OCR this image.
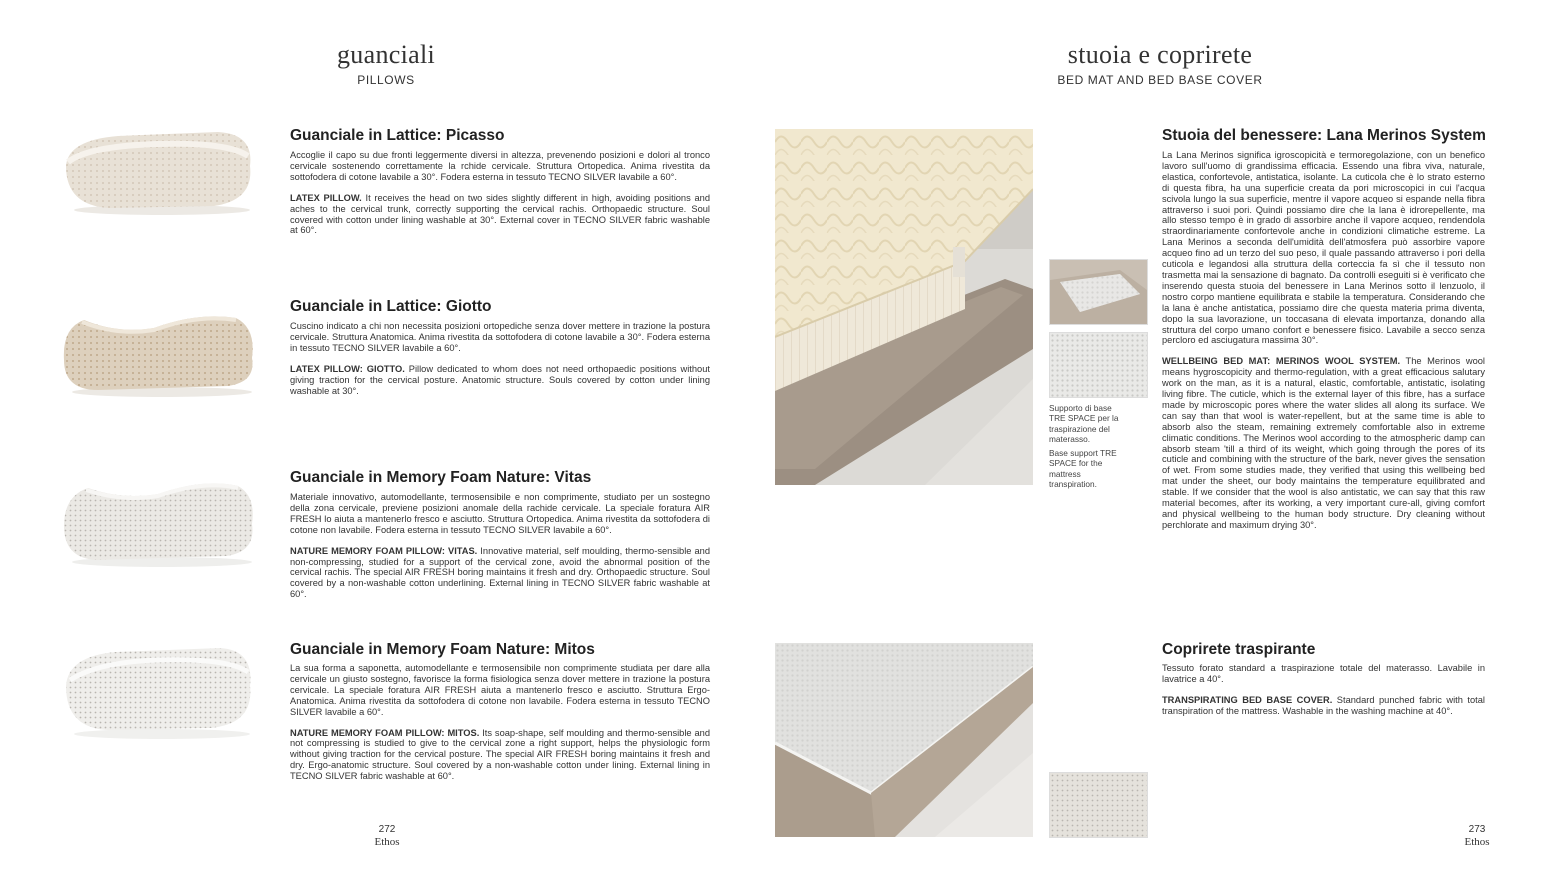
guanciali
PILLOWS
Guanciale in Lattice: Picasso

Accoglie il capo su due fronti leggermente diversi in altezza, prevenendo posizioni e dolori al tronco cervicale sostenendo correttamente la rchide cervicale. Struttura Ortopedica. Anima rivestita da sottofodera di cotone lavabile a 30°. Fodera esterna in tessuto TECNO SILVER lavabile a 60°.

LATEX PILLOW. It receives the head on two sides slightly different in high, avoiding positions and aches to the cervical trunk, correctly supporting the cervical rachis. Orthopaedic structure. Soul covered with cotton under lining washable at 30°. External cover in TECNO SILVER fabric washable at 60°.

Guanciale in Lattice: Giotto

Cuscino indicato a chi non necessita posizioni ortopediche senza dover mettere in trazione la postura cervicale. Struttura Anatomica. Anima rivestita da sottofodera di cotone lavabile a 30°. Fodera esterna in tessuto TECNO SILVER lavabile a 60°.

LATEX PILLOW: GIOTTO. Pillow dedicated to whom does not need orthopaedic positions without giving traction for the cervical posture. Anatomic structure. Souls covered by cotton under lining washable at 30°.

Guanciale in Memory Foam Nature: Vitas

Materiale innovativo, automodellante, termosensibile e non comprimente, studiato per un sostegno della zona cervicale, previene posizioni anomale della rachide cervicale. La speciale foratura AIR FRESH lo aiuta a mantenerlo fresco e asciutto. Struttura Ortopedica. Anima rivestita da sottofodera di cotone non lavabile. Fodera esterna in tessuto TECNO SILVER lavabile a 60°.

NATURE MEMORY FOAM PILLOW: VITAS. Innovative material, self moulding, thermo-sensible and non-compressing, studied for a support of the cervical zone, avoid the abnormal position of the cervical rachis. The special AIR FRESH boring maintains it fresh and dry. Orthopaedic structure. Soul covered by a non-washable cotton underlining. External lining in TECNO SILVER fabric washable at 60°.

Guanciale in Memory Foam Nature: Mitos

La sua forma a saponetta, automodellante e termosensibile non comprimente studiata per dare alla cervicale un giusto sostegno, favorisce la forma fisiologica senza dover mettere in trazione la postura cervicale. La speciale foratura AIR FRESH aiuta a mantenerlo fresco e asciutto. Struttura Ergo-Anatomica. Anima rivestita da sottofodera di cotone non lavabile. Fodera esterna in tessuto TECNO SILVER lavabile a 60°.

NATURE MEMORY FOAM PILLOW: MITOS. Its soap-shape, self moulding and thermo-sensible and not compressing is studied to give to the cervical zone a right support, helps the physiologic form without giving traction for the cervical posture. The special AIR FRESH boring maintains it fresh and dry. Ergo-anatomic structure. Soul covered by a non-washable cotton under lining. External lining in TECNO SILVER fabric washable at 60°.

272
Ethos
stuoia e coprirete
BED MAT AND BED BASE COVER

Supporto di base TRE SPACE per la traspirazione del materasso.

Base support TRE SPACE for the mattress transpiration.

Stuoia del benessere: Lana Merinos System

La Lana Merinos significa igroscopicità e termoregolazione, con un benefico lavoro sull'uomo di grandissima efficacia. Essendo una fibra viva, naturale, elastica, confortevole, antistatica, isolante. La cuticola che è lo strato esterno di questa fibra, ha una superficie creata da pori microscopici in cui l'acqua scivola lungo la sua superficie, mentre il vapore acqueo si espande nella fibra attraverso i suoi pori. Quindi possiamo dire che la lana è idrorepellente, ma allo stesso tempo è in grado di assorbire anche il vapore acqueo, rendendola straordinariamente confortevole anche in condizioni climatiche estreme. La Lana Merinos a seconda dell'umidità dell'atmosfera può assorbire vapore acqueo fino ad un terzo del suo peso, il quale passando attraverso i pori della cuticola e legandosi alla struttura della corteccia fa sì che il tessuto non trasmetta mai la sensazione di bagnato. Da controlli eseguiti si è verificato che inserendo questa stuoia del benessere in Lana Merinos sotto il lenzuolo, il nostro corpo mantiene equilibrata e stabile la temperatura. Considerando che la lana è anche antistatica, possiamo dire che questa materia prima diventa, dopo la sua lavorazione, un toccasana di elevata importanza, donando alla struttura del corpo umano confort e benessere fisico. Lavabile a secco senza percloro ed asciugatura massima 30°.

WELLBEING BED MAT: MERINOS WOOL SYSTEM. The Merinos wool means hygroscopicity and thermo-regulation, with a great efficacious salutary work on the man, as it is a natural, elastic, comfortable, antistatic, isolating living fibre. The cuticle, which is the external layer of this fibre, has a surface made by microscopic pores where the water slides all along its surface. We can say than that wool is water-repellent, but at the same time is able to absorb also the steam, remaining extremely comfortable also in extreme climatic conditions. The Merinos wool according to the atmospheric damp can absorb steam 'till a third of its weight, which going through the pores of its cuticle and combining with the structure of the bark, never gives the sensation of wet. From some studies made, they verified that using this wellbeing bed mat under the sheet, our body maintains the temperature equilibrated and stable. If we consider that the wool is also antistatic, we can say that this raw material becomes, after its working, a very important cure-all, giving comfort and physical wellbeing to the human body structure. Dry cleaning without perchlorate and maximum drying 30°.

Coprirete traspirante

Tessuto forato standard a traspirazione totale del materasso. Lavabile in lavatrice a 40°.

TRANSPIRATING BED BASE COVER. Standard punched fabric with total transpiration of the mattress. Washable in the washing machine at 40°.

273
Ethos
